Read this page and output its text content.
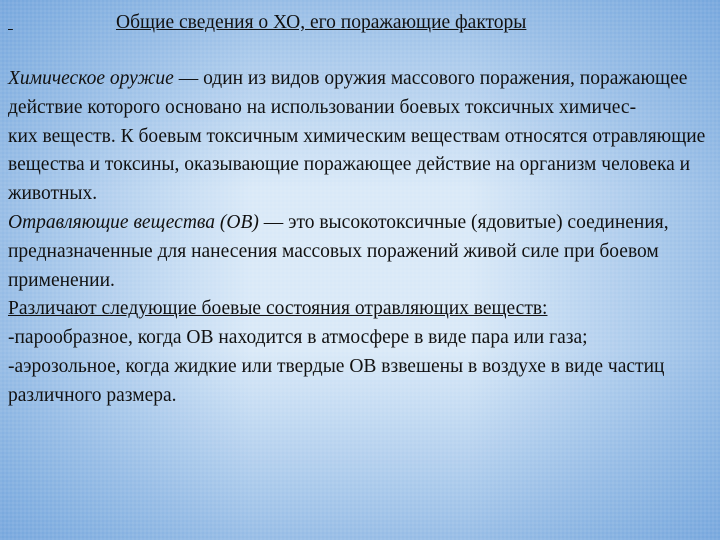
Общие сведения о ХО, его поражающие факторы

Химическое оружие — один из видов оружия массового поражения, поражающее действие которого основано на использовании боевых токсичных химичес-

ких веществ. К боевым токсичным химическим веществам относятся отравляющие вещества и токсины, оказывающие поражающее действие на организм человека и животных.

Отравляющие вещества (ОВ) — это высокотоксичные (ядовитые) соединения, предназначенные для нанесения массовых поражений живой силе при боевом применении.

Различают следующие боевые состояния отравляющих веществ:

-парообразное, когда ОВ находится в атмосфере в виде пара или газа;

-аэрозольное, когда жидкие или твердые ОВ взвешены в воздухе в виде частиц различного размера.
